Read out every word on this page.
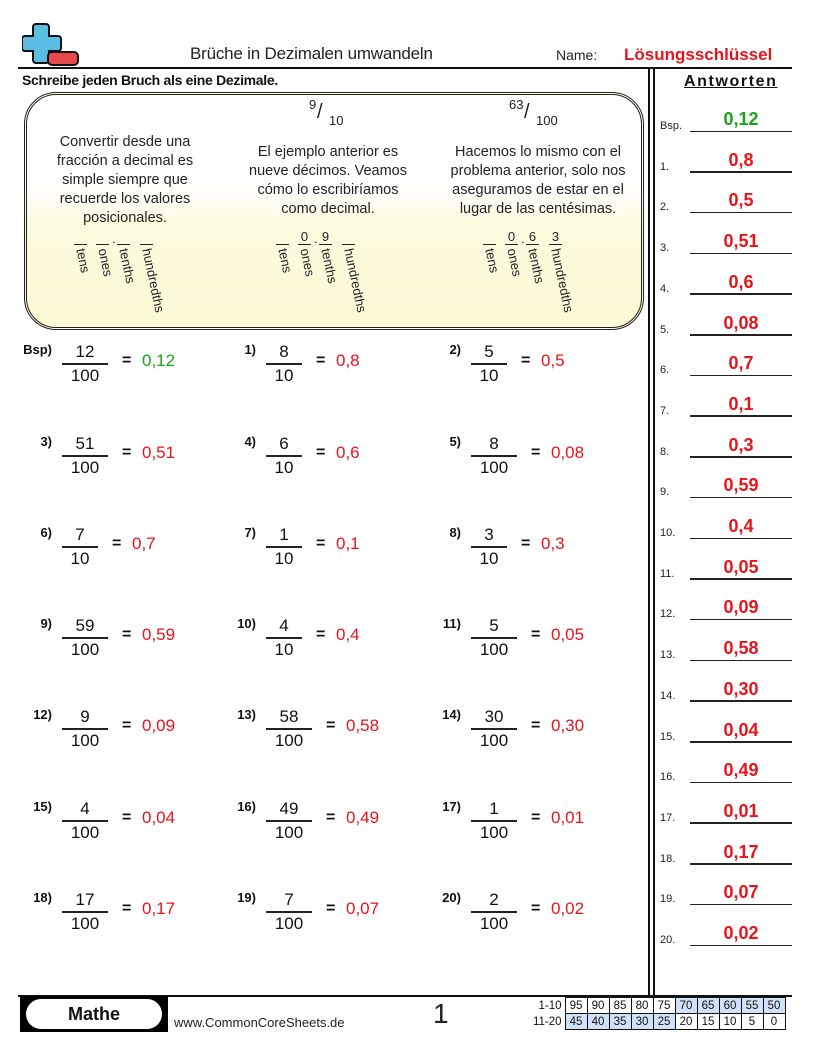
Brüche in Dezimalen umwandeln	Name: Lösungsschlüssel
Schreibe jeden Bruch als eine Dezimale.
Convertir desde una
fracción a decimal es
simple siempre que
recuerde los valores
posicionales.
.
tens ones tenths hundredths
9 / 10
El ejemplo anterior es
nueve décimos. Veamos
cómo lo escribiríamos
como decimal.
0 . 9
tens ones tenths hundredths
63 / 100
Hacemos lo mismo con el
problema anterior, solo nos
aseguramos de estar en el
lugar de las centésimas.
0 . 6 3
tens ones tenths hundredths
Bsp)	12
100
= 0,12
1)	8
10
= 0,8
2)	5
10
= 0,5
3)	51
100
= 0,51
4)	6
10
= 0,6
5)	8
100
= 0,08
6)	7
10
= 0,7
7)	1
10
= 0,1
8)	3
10
= 0,3
9)	59
100
= 0,59
10)	4
10
= 0,4
11)	5
100
= 0,05
12)	9
100
= 0,09
13)	58
100
= 0,58
14)	30
100
= 0,30
15)	4
100
= 0,04
16)	49
100
= 0,49
17)	1
100
= 0,01
18)	17
100
= 0,17
19)	7
100
= 0,07
20)	2
100
= 0,02
Antworten
Bsp.	0,12
1.	0,8
2.	0,5
3.	0,51
4.	0,6
5.	0,08
6.	0,7
7.	0,1
8.	0,3
9.	0,59
10.	0,4
11.	0,05
12.	0,09
13.	0,58
14.	0,30
15.	0,04
16.	0,49
17.	0,01
18.	0,17
19.	0,07
20.	0,02
Mathe	www.CommonCoreSheets.de	1	1-10	95	90	85	80	75	70	65	60	55	50
11-20	45	40	35	30	25	20	15	10	5	0
